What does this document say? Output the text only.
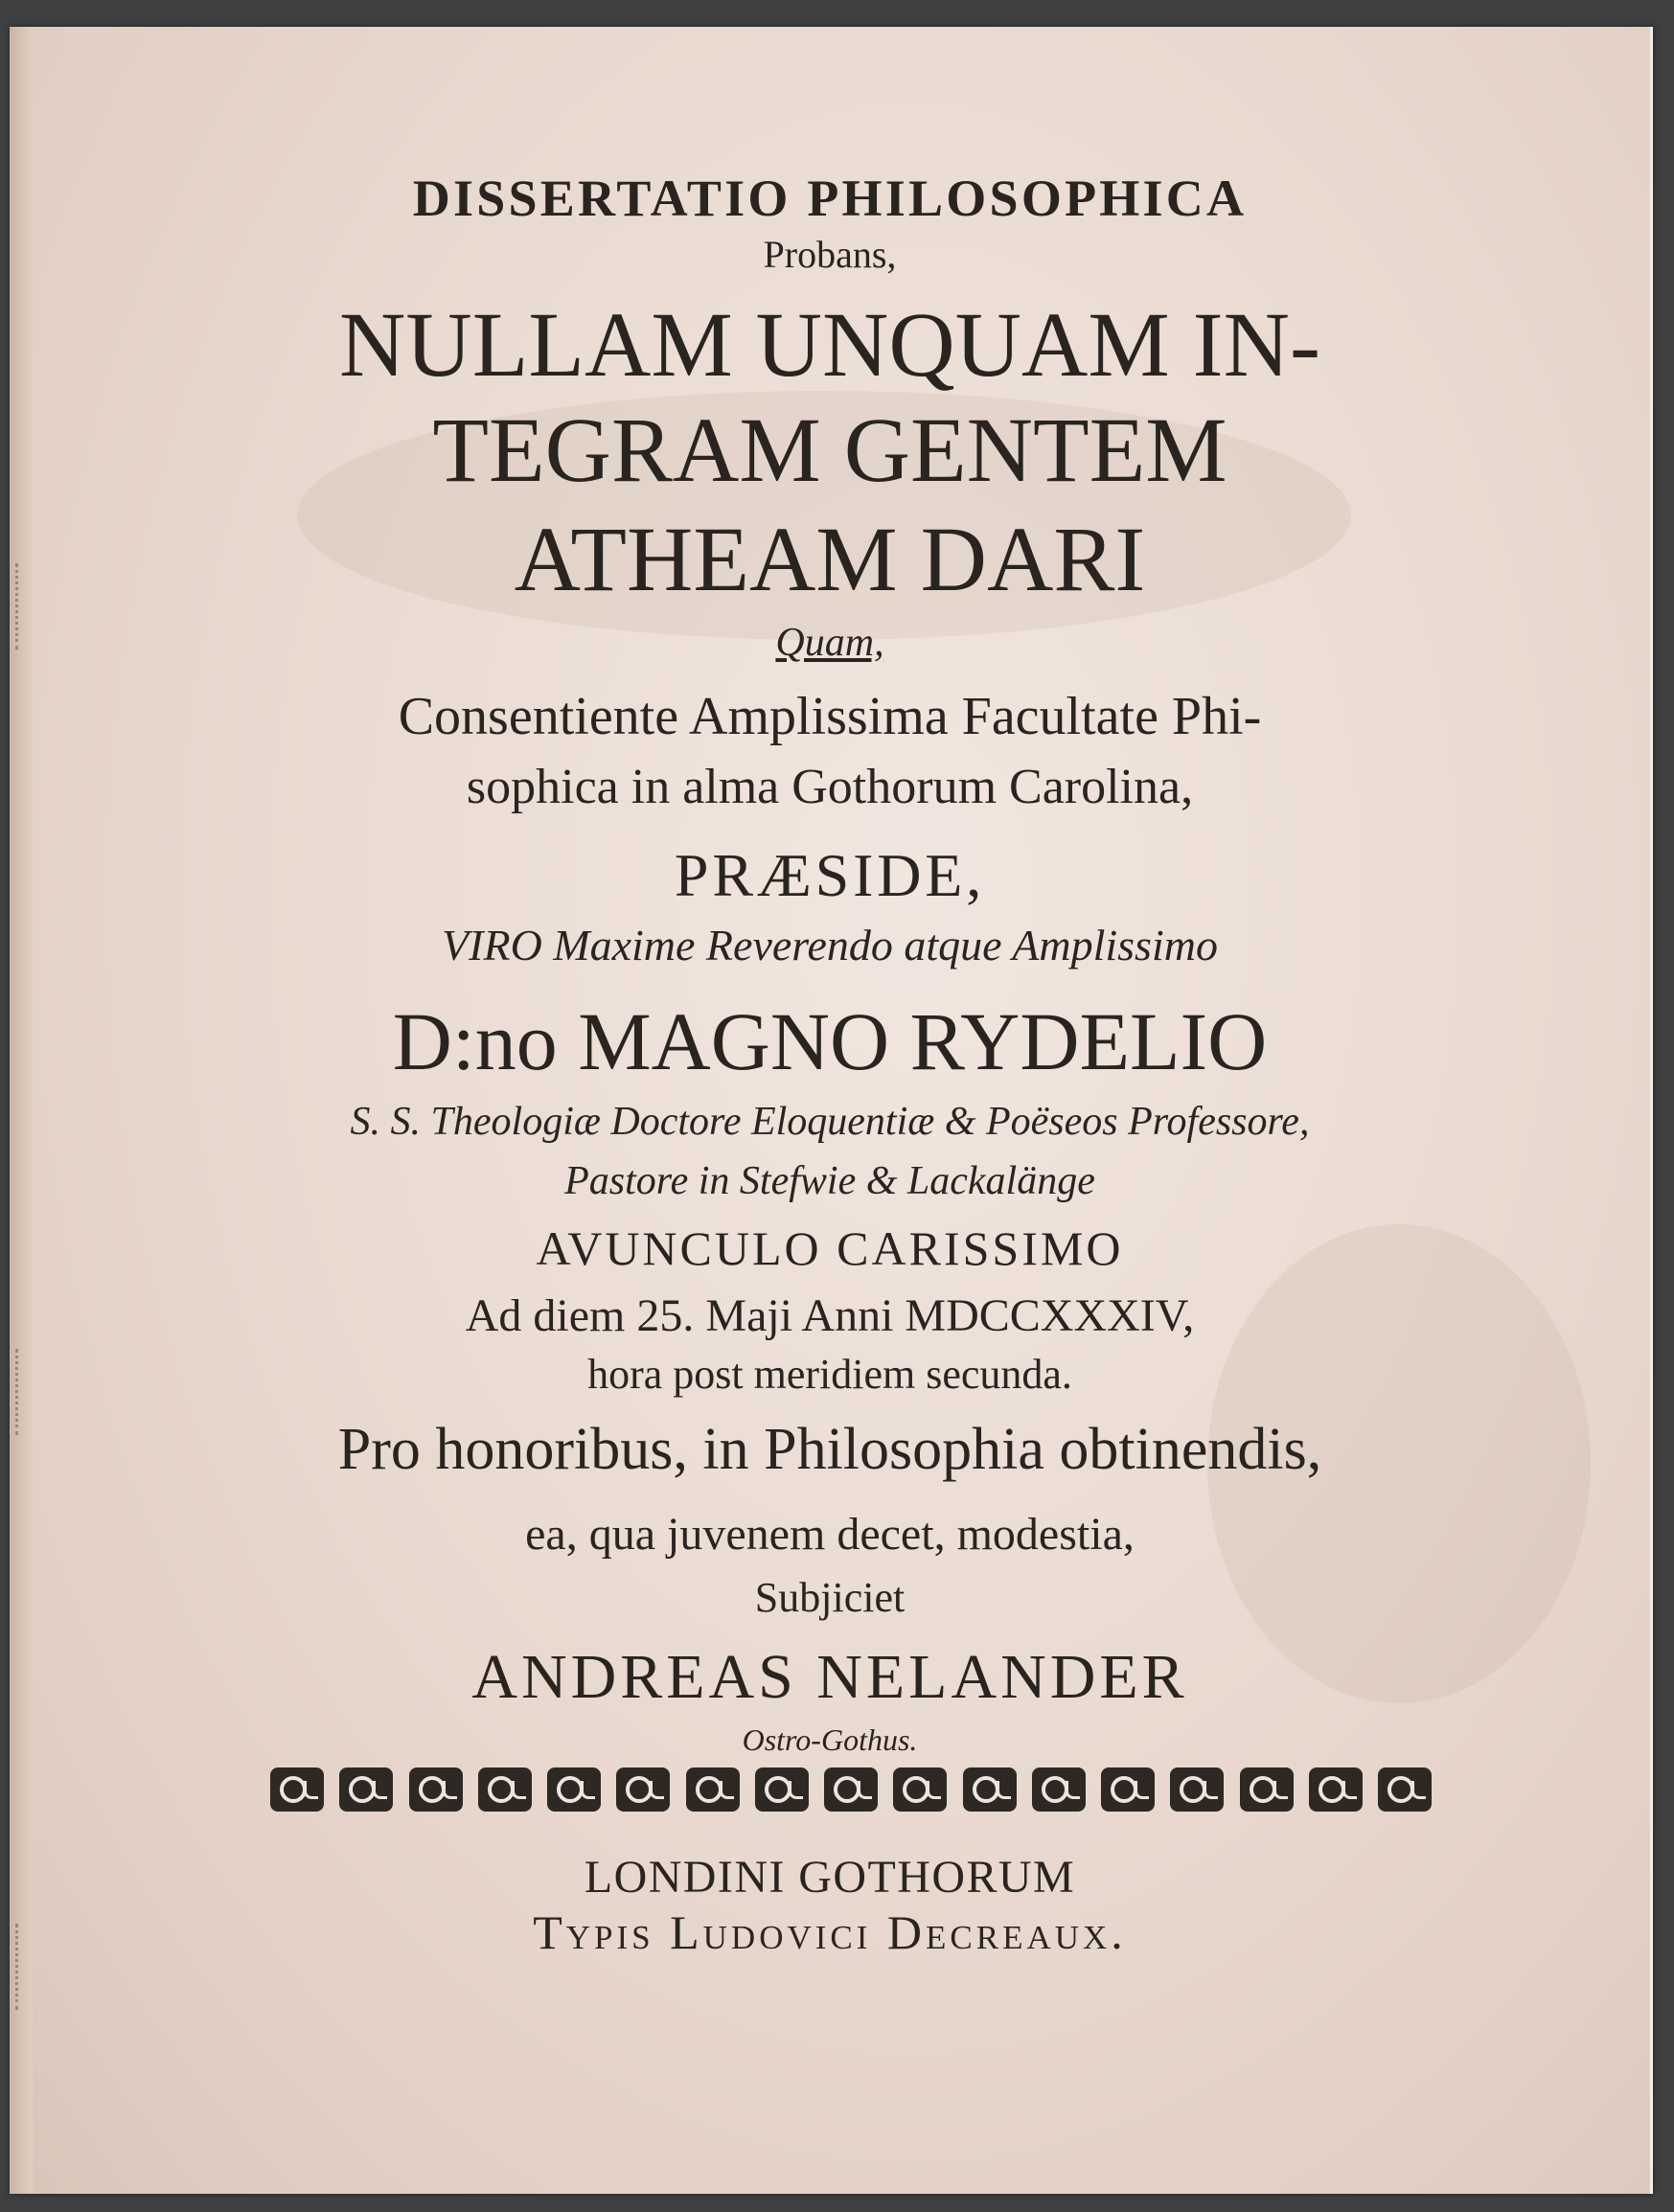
DISSERTATIO PHILOSOPHICA
Probans,
NULLAM UNQUAM IN-
TEGRAM GENTEM
ATHEAM DARI
Quam,
Consentiente Amplissima Facultate Phi-
sophica in alma Gothorum Carolina,
PRÆSIDE,
VIRO Maxime Reverendo atque Amplissimo
D:no MAGNO RYDELIO
S. S. Theologiæ Doctore Eloquentiæ & Poëseos Professore,
Pastore in Stefwie & Lackalänge
AVUNCULO CARISSIMO
Ad diem 25. Maji Anni MDCCXXXIV,
hora post meridiem secunda.
Pro honoribus, in Philosophia obtinendis,
ea, qua juvenem decet, modestia,
Subjiciet
ANDREAS NELANDER
Ostro-Gothus.
LONDINI GOTHORUM
Typis Ludovici Decreaux.
